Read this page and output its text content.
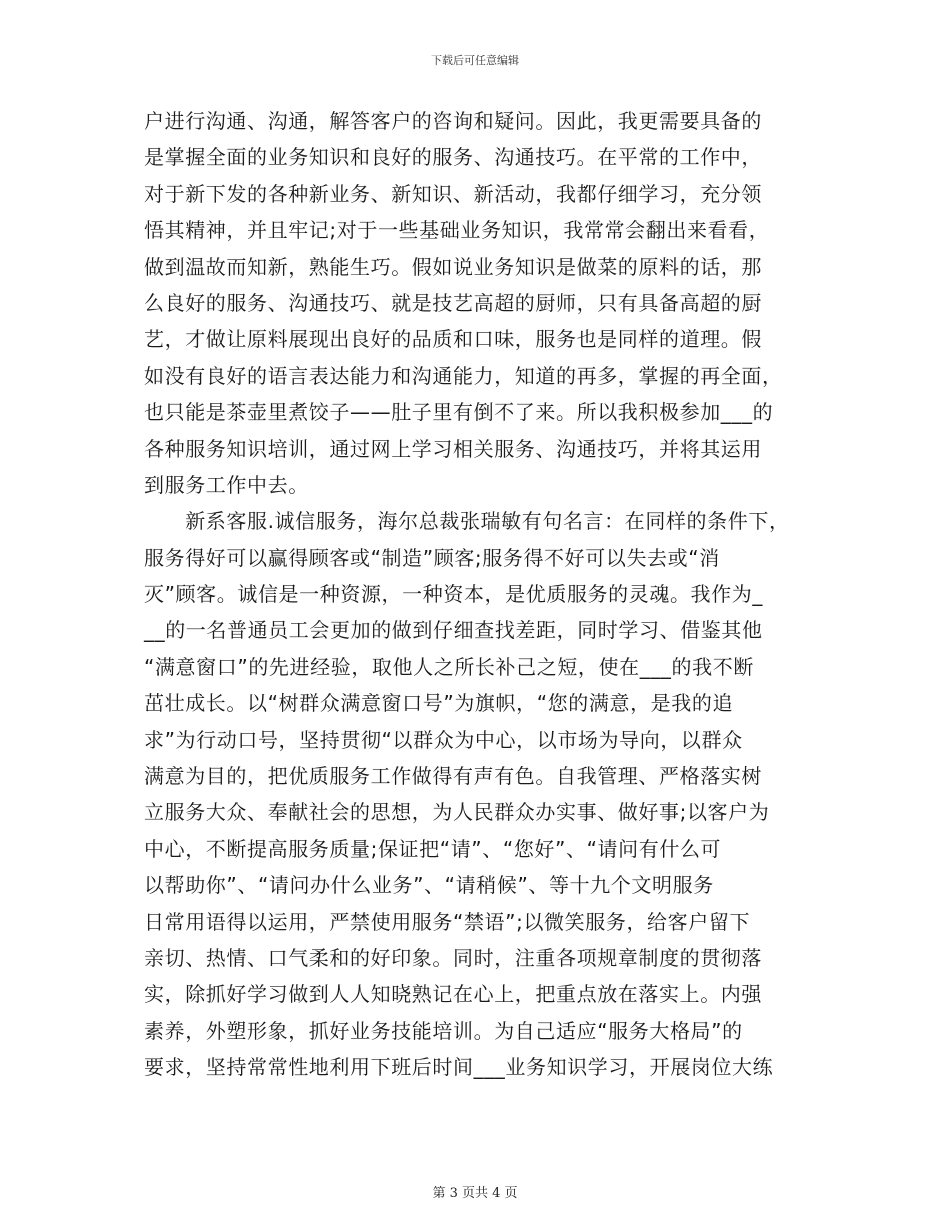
下载后可任意编辑
户进行沟通、沟通，解答客户的咨询和疑问。因此，我更需要具备的
是掌握全面的业务知识和良好的服务、沟通技巧。在平常的工作中，
对于新下发的各种新业务、新知识、新活动，我都仔细学习，充分领
悟其精神，并且牢记;对于一些基础业务知识，我常常会翻出来看看，
做到温故而知新，熟能生巧。假如说业务知识是做菜的原料的话，那
么良好的服务、沟通技巧、就是技艺高超的厨师，只有具备高超的厨
艺，才做让原料展现出良好的品质和口味，服务也是同样的道理。假
如没有良好的语言表达能力和沟通能力，知道的再多，掌握的再全面，
也只能是茶壶里煮饺子——肚子里有倒不了来。所以我积极参加___的
各种服务知识培训，通过网上学习相关服务、沟通技巧，并将其运用
到服务工作中去。
　　新系客服.诚信服务，海尔总裁张瑞敏有句名言：在同样的条件下，
服务得好可以赢得顾客或“制造”顾客;服务得不好可以失去或“消
灭”顾客。诚信是一种资源，一种资本，是优质服务的灵魂。我作为_
__的一名普通员工会更加的做到仔细查找差距，同时学习、借鉴其他
“满意窗口”的先进经验，取他人之所长补己之短，使在___的我不断
茁壮成长。以“树群众满意窗口号”为旗帜，“您的满意，是我的追
求”为行动口号，坚持贯彻“以群众为中心，以市场为导向，以群众
满意为目的，把优质服务工作做得有声有色。自我管理、严格落实树
立服务大众、奉献社会的思想，为人民群众办实事、做好事;以客户为
中心，不断提高服务质量;保证把“请”、“您好”、“请问有什么可
以帮助你”、“请问办什么业务”、“请稍候”、等十九个文明服务
日常用语得以运用，严禁使用服务“禁语”;以微笑服务，给客户留下
亲切、热情、口气柔和的好印象。同时，注重各项规章制度的贯彻落
实，除抓好学习做到人人知晓熟记在心上，把重点放在落实上。内强
素养，外塑形象，抓好业务技能培训。为自己适应“服务大格局”的
要求，坚持常常性地利用下班后时间___业务知识学习，开展岗位大练
第 3 页共 4 页
